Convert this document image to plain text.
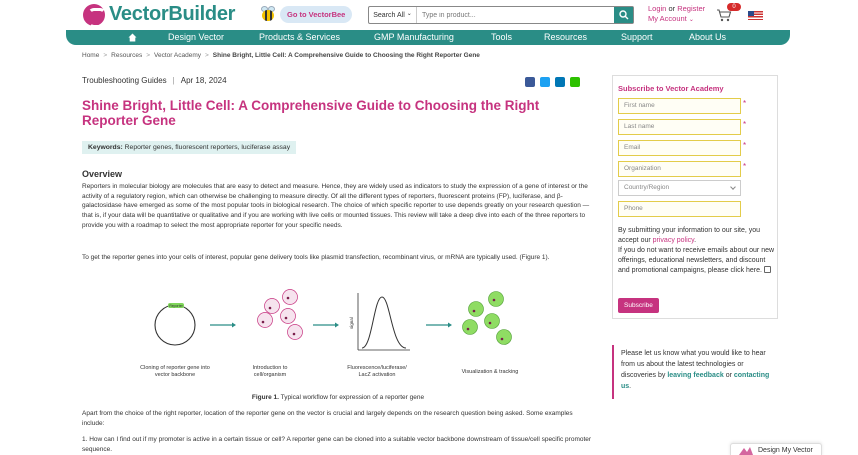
VectorBuilder	Go to VectorBee	Search All
⌄
Type in product...
Login or Register
My Account ⌄
0
Design Vector	Products & Services	GMP Manufacturing	Tools	Resources	Support	About Us
Home > Resources > Vector Academy > Shine Bright, Little Cell: A Comprehensive Guide to Choosing the Right Reporter Gene
Troubleshooting Guides | Apr 18, 2024
Shine Bright, Little Cell: A Comprehensive Guide to Choosing the Right Reporter Gene
Keywords: Reporter genes, fluorescent reporters, luciferase assay
Overview

Reporters in molecular biology are molecules that are easy to detect and measure. Hence, they are widely used as indicators to study the expression of a gene of interest or the activity of a regulatory region, which can otherwise be challenging to measure directly. Of all the different types of reporters, fluorescent proteins (FP), luciferase, and β-galactosidase have emerged as some of the most popular tools in biological research. The choice of which specific reporter to use depends greatly on your research question — that is, if your data will be quantitative or qualitative and if you are working with live cells or mounted tissues. This review will take a deep dive into each of the three reporters to provide you with a roadmap to select the most appropriate reporter for your specific needs.

To get the reporter genes into your cells of interest, popular gene delivery tools like plasmid transfection, recombinant virus, or mRNA are typically used. (Figure 1).

Reporter
signal
Cloning of reporter gene into vector backbone
Introduction to cell/organism
Fluorescence/luciferase/ LacZ activation	Visualization & tracking
Figure 1. Typical workflow for expression of a reporter gene

Apart from the choice of the right reporter, location of the reporter gene on the vector is crucial and largely depends on the research question being asked. Some examples include:

1. How can I find out if my promoter is active in a certain tissue or cell? A reporter gene can be cloned into a suitable vector backbone downstream of tissue/cell specific promoter sequence.

Subscribe to Vector Academy
First name	*
Last name	*
Email	*
Organization	*
Country/Region
Phone
By submitting your information to our site, you accept our privacy policy.
If you do not want to receive emails about our new offerings, educational newsletters, and discount and promotional campaigns, please click here.
Subscribe
Please let us know what you would like to hear from us about the latest technologies or discoveries by leaving feedback or contacting us.
Design My Vector
